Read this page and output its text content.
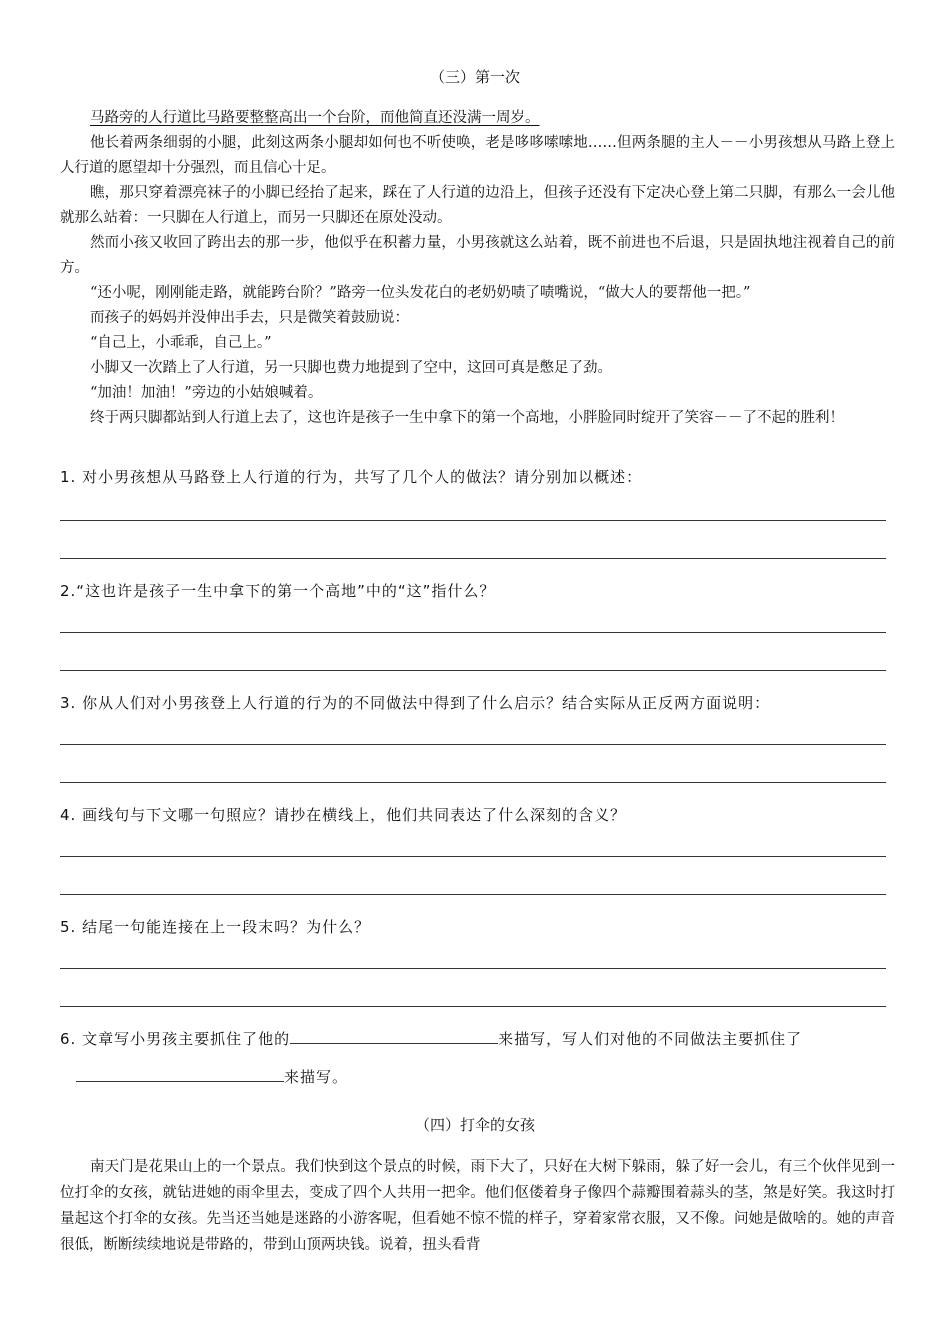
（三）第一次
马路旁的人行道比马路要整整高出一个台阶，而他简直还没满一周岁。
他长着两条细弱的小腿，此刻这两条小腿却如何也不听使唤，老是哆哆嗦嗦地……但两条腿的主人－－小男孩想从马路上登上人行道的愿望却十分强烈，而且信心十足。
瞧，那只穿着漂亮袜子的小脚已经抬了起来，踩在了人行道的边沿上，但孩子还没有下定决心登上第二只脚，有那么一会儿他就那么站着：一只脚在人行道上，而另一只脚还在原处没动。
然而小孩又收回了跨出去的那一步，他似乎在积蓄力量，小男孩就这么站着，既不前进也不后退，只是固执地注视着自己的前方。
“还小呢，刚刚能走路，就能跨台阶？”路旁一位头发花白的老奶奶啧了啧嘴说，“做大人的要帮他一把。”
而孩子的妈妈并没伸出手去，只是微笑着鼓励说：
“自己上，小乖乖，自己上。”
小脚又一次踏上了人行道，另一只脚也费力地提到了空中，这回可真是憋足了劲。
“加油！加油！”旁边的小姑娘喊着。
终于两只脚都站到人行道上去了，这也许是孩子一生中拿下的第一个高地，小胖脸同时绽开了笑容－－了不起的胜利！
1. 对小男孩想从马路登上人行道的行为，共写了几个人的做法？请分别加以概述：
2.“这也许是孩子一生中拿下的第一个高地”中的“这”指什么？
3. 你从人们对小男孩登上人行道的行为的不同做法中得到了什么启示？结合实际从正反两方面说明：
4. 画线句与下文哪一句照应？请抄在横线上，他们共同表达了什么深刻的含义？
5. 结尾一句能连接在上一段末吗？为什么？
6. 文章写小男孩主要抓住了他的	来描写，写人们对他的不同做法主要抓住了
来描写。
（四）打伞的女孩
南天门是花果山上的一个景点。我们快到这个景点的时候，雨下大了，只好在大树下躲雨，躲了好一会儿，有三个伙伴见到一位打伞的女孩，就钻进她的雨伞里去，变成了四个人共用一把伞。他们伛偻着身子像四个蒜瓣围着蒜头的茎，煞是好笑。我这时打量起这个打伞的女孩。先当还当她是迷路的小游客呢，但看她不惊不慌的样子，穿着家常衣服，又不像。问她是做啥的。她的声音很低，断断续续地说是带路的，带到山顶两块钱。说着，扭头看背
